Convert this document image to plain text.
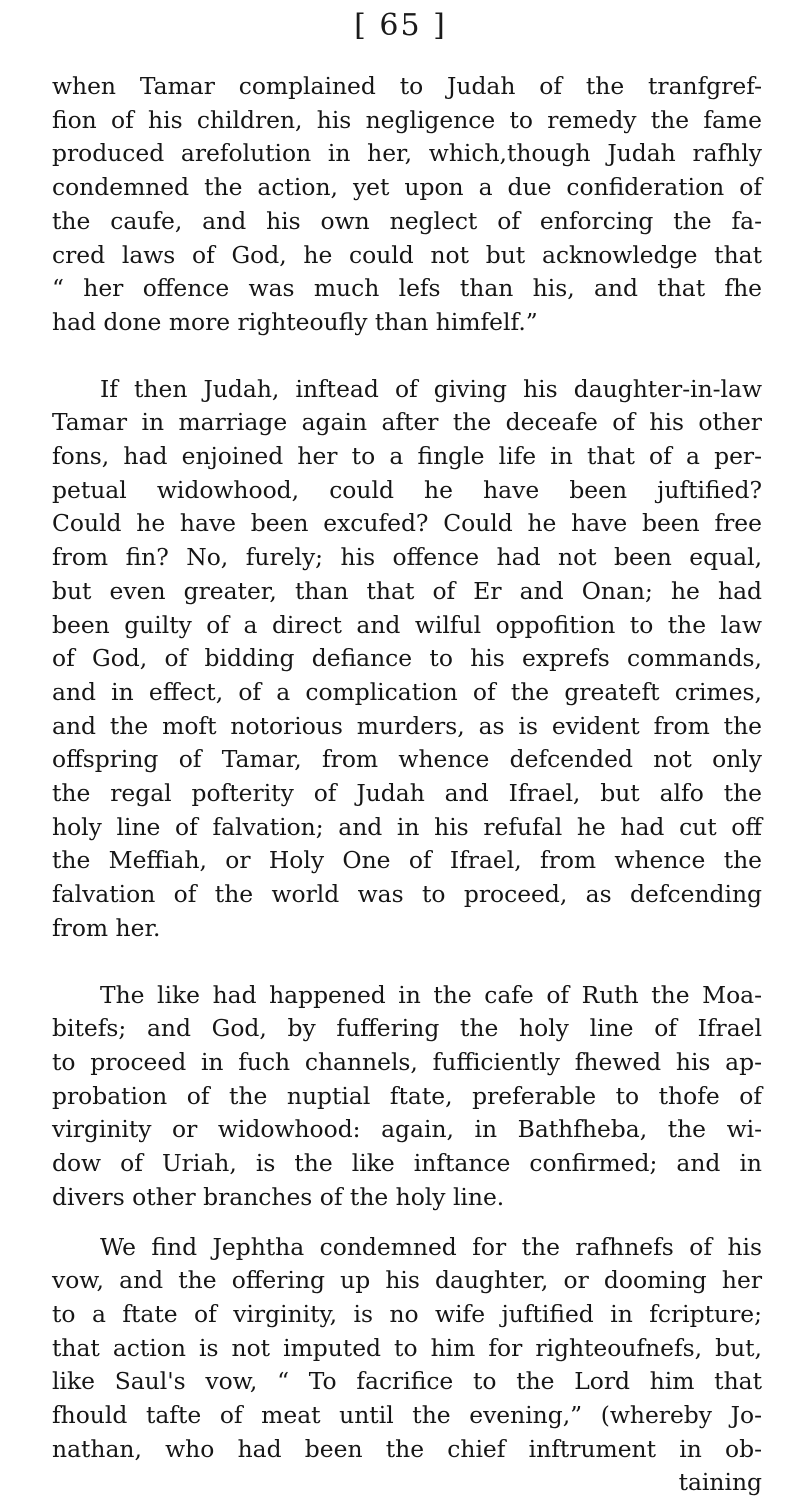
[ 65 ]
when Tamar complained to Judah of the tranfgref-
fion of his children, his negligence to remedy the fame
produced arefolution in her, which,though Judah rafhly
condemned the action, yet upon a due confideration of
the caufe, and his own neglect of enforcing the fa-
cred laws of God, he could not but acknowledge that
“ her offence was much lefs than his, and that fhe
had done more righteoufly than himfelf.”
If then Judah, inftead of giving his daughter-in-law
Tamar in marriage again after the deceafe of his other
fons, had enjoined her to a fingle life in that of a per-
petual widowhood, could he have been juftified?
Could he have been excufed? Could he have been free
from fin? No, furely; his offence had not been equal,
but even greater, than that of Er and Onan; he had
been guilty of a direct and wilful oppofition to the law
of God, of bidding defiance to his exprefs commands,
and in effect, of a complication of the greateft crimes,
and the moft notorious murders, as is evident from the
offspring of Tamar, from whence defcended not only
the regal pofterity of Judah and Ifrael, but alfo the
holy line of falvation; and in his refufal he had cut off
the Meffiah, or Holy One of Ifrael, from whence the
falvation of the world was to proceed, as defcending
from her.
The like had happened in the cafe of Ruth the Moa-
bitefs; and God, by fuffering the holy line of Ifrael
to proceed in fuch channels, fufficiently fhewed his ap-
probation of the nuptial ftate, preferable to thofe of
virginity or widowhood: again, in Bathfheba, the wi-
dow of Uriah, is the like inftance confirmed; and in
divers other branches of the holy line.
We find Jephtha condemned for the rafhnefs of his
vow, and the offering up his daughter, or dooming her
to a ftate of virginity, is no wife juftified in fcripture;
that action is not imputed to him for righteoufnefs, but,
like Saul's vow, “ To facrifice to the Lord him that
fhould tafte of meat until the evening,” (whereby Jo-
nathan, who had been the chief inftrument in ob-
taining
